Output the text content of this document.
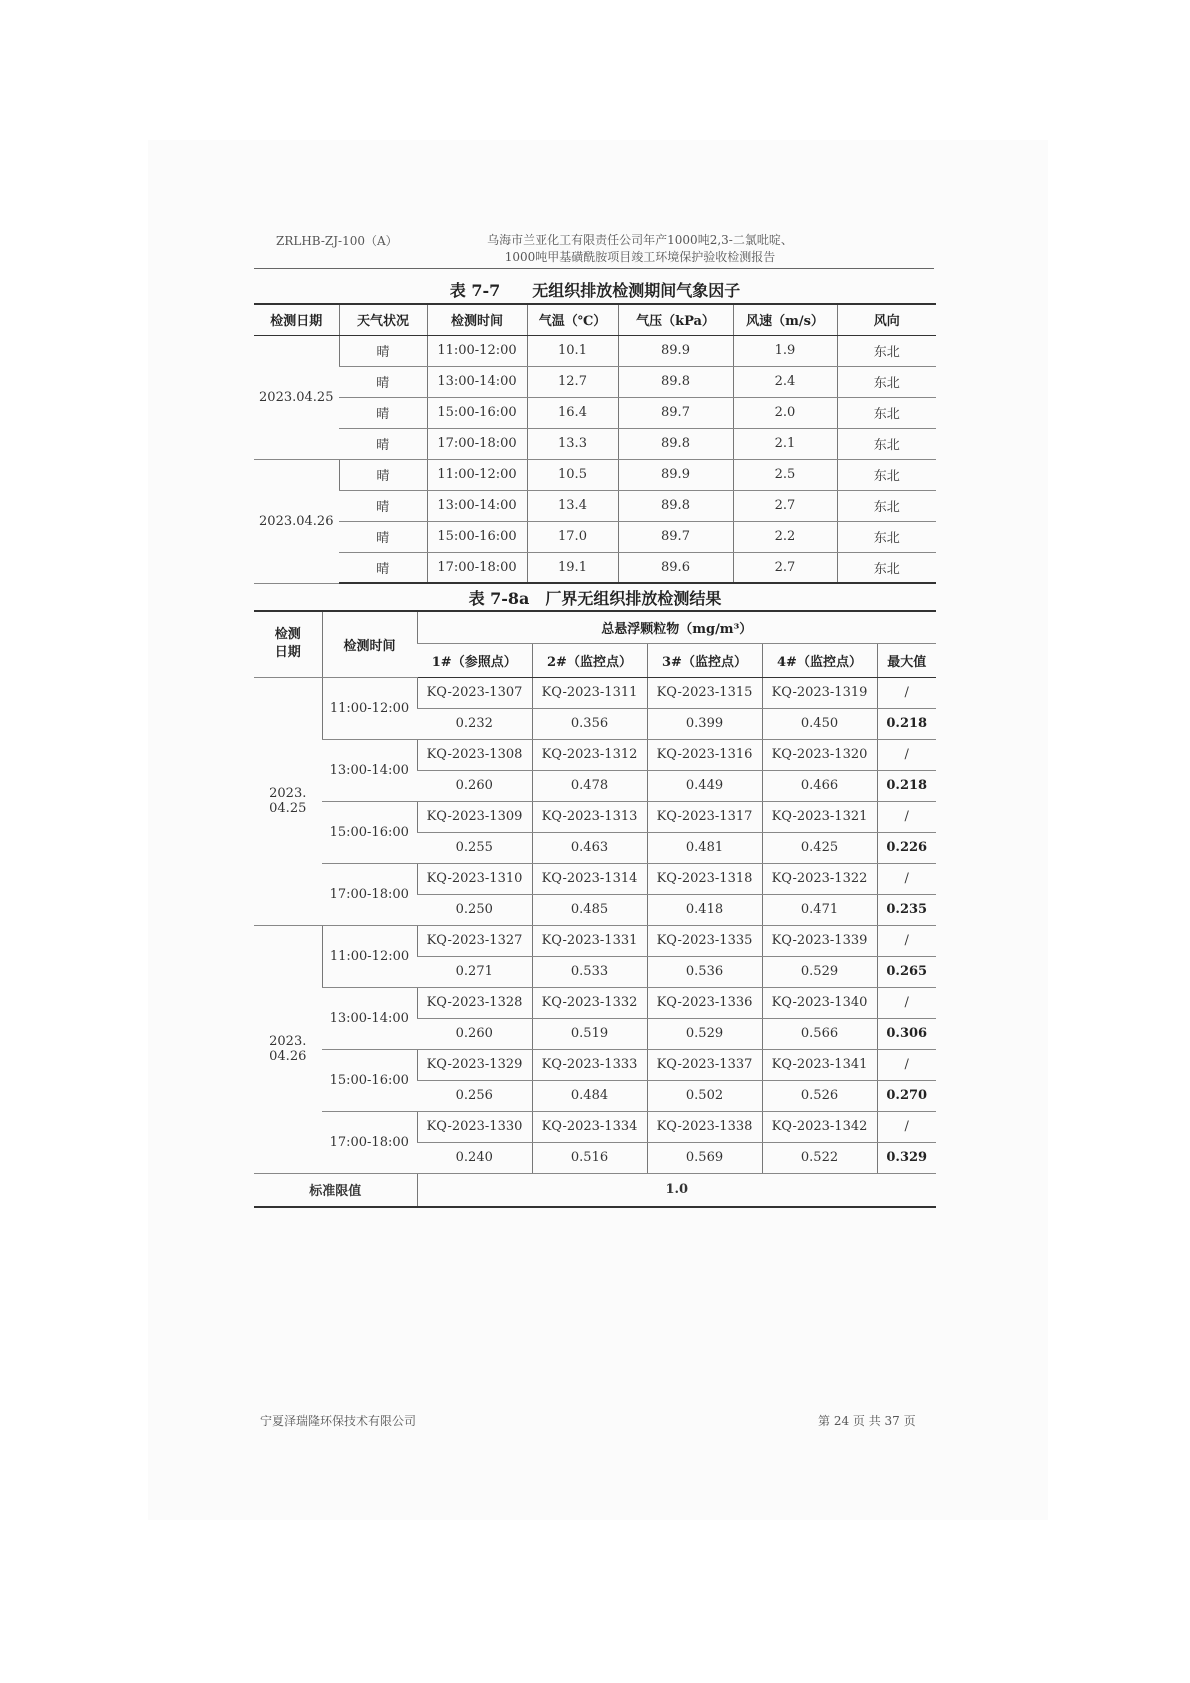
ZRLHB-ZJ-100（A）	乌海市兰亚化工有限责任公司年产1000吨2,3-二氯吡啶、
1000吨甲基磺酰胺项目竣工环境保护验收检测报告
表 7-7　　无组织排放检测期间气象因子
检测日期	天气状况	检测时间	气温（℃）	气压（kPa）	风速（m/s）	风向
2023.04.25	晴	11:00-12:00	10.1	89.9	1.9	东北
	晴	13:00-14:00	12.7	89.8	2.4	东北
	晴	15:00-16:00	16.4	89.7	2.0	东北
	晴	17:00-18:00	13.3	89.8	2.1	东北
2023.04.26	晴	11:00-12:00	10.5	89.9	2.5	东北
	晴	13:00-14:00	13.4	89.8	2.7	东北
	晴	15:00-16:00	17.0	89.7	2.2	东北
	晴	17:00-18:00	19.1	89.6	2.7	东北
表 7-8a　厂界无组织排放检测结果
检测日期	检测时间	总悬浮颗粒物（mg/m³）				
		1#（参照点）	2#（监控点）	3#（监控点）	4#（监控点）	最大值

2023.
04.25	11:00-12:00	KQ-2023-1307	KQ-2023-1311	KQ-2023-1315	KQ-2023-1319	/
		0.232	0.356	0.399	0.450	0.218
	13:00-14:00	KQ-2023-1308	KQ-2023-1312	KQ-2023-1316	KQ-2023-1320	/
		0.260	0.478	0.449	0.466	0.218
	15:00-16:00	KQ-2023-1309	KQ-2023-1313	KQ-2023-1317	KQ-2023-1321	/
		0.255	0.463	0.481	0.425	0.226
	17:00-18:00	KQ-2023-1310	KQ-2023-1314	KQ-2023-1318	KQ-2023-1322	/
		0.250	0.485	0.418	0.471	0.235

2023.
04.26	11:00-12:00	KQ-2023-1327	KQ-2023-1331	KQ-2023-1335	KQ-2023-1339	/
		0.271	0.533	0.536	0.529	0.265
	13:00-14:00	KQ-2023-1328	KQ-2023-1332	KQ-2023-1336	KQ-2023-1340	/
		0.260	0.519	0.529	0.566	0.306
	15:00-16:00	KQ-2023-1329	KQ-2023-1333	KQ-2023-1337	KQ-2023-1341	/
		0.256	0.484	0.502	0.526	0.270
	17:00-18:00	KQ-2023-1330	KQ-2023-1334	KQ-2023-1338	KQ-2023-1342	/
		0.240	0.516	0.569	0.522	0.329
标准限值		1.0				
宁夏泽瑞隆环保技术有限公司	第 24 页 共 37 页
